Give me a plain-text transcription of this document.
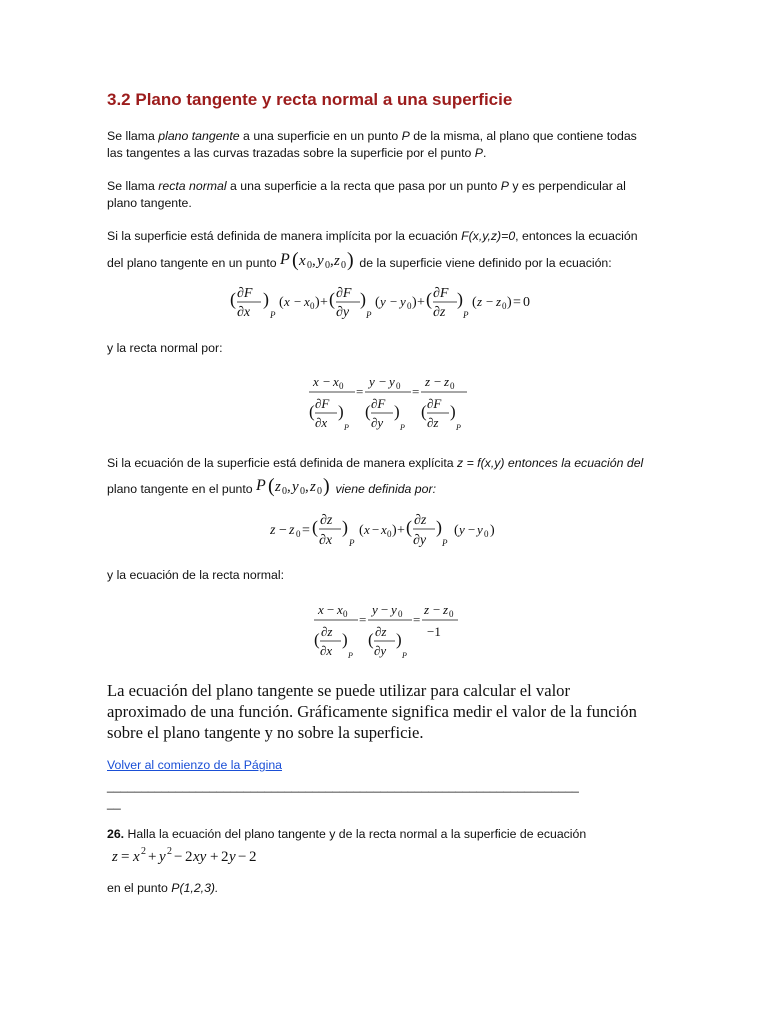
3.2 Plano tangente y recta normal a una superficie

Se llama plano tangente a una superficie en un punto P de la misma, al plano que contiene todas
las tangentes a las curvas trazadas sobre la superficie por el punto P.

Se llama recta normal a una superficie a la recta que pasa por un punto P y es perpendicular al
plano tangente.

Si la superficie está definida de manera implícita por la ecuación F(x,y,z)=0, entonces la ecuación
del plano tangente en un punto P ( x 0 , y 0 , z 0 ) de la superficie viene definido por la ecuación:

( ∂F
∂x
)
P
( x − x 0 ) + ( ∂F
∂y
)
P
( y − y 0 ) + ( ∂F
∂z
)
P
( z − z 0 ) = 0

y la recta normal por:

x − x 0
( ∂F
∂x
)
P
=
y − y 0
( ∂F
∂y
)
P
=
z − z 0
( ∂F
∂z
)
P

Si la ecuación de la superficie está definida de manera explícita z = f(x,y) entonces la ecuación del
plano tangente en el punto P ( z 0 , y 0 , z 0 ) viene definida por:

z − z 0 = ( ∂z
∂x
)
P
( x − x 0 ) + ( ∂z
∂y
)
P
( y − y 0 )

y la ecuación de la recta normal:

x − x 0
( ∂z
∂x
)
P
=
y − y 0
( ∂z
∂y
)
P
=
z − z 0
−1

La ecuación del plano tangente se puede utilizar para calcular el valor
aproximado de una función. Gráficamente significa medir el valor de la función
sobre el plano tangente y no sobre la superficie.

Volver al comienzo de la Página

_____________________________________________________________________
__

26. Halla la ecuación del plano tangente y de la recta normal a la superficie de ecuación

z = x 2 + y 2 − 2 xy + 2 y − 2

en el punto P(1,2,3).
